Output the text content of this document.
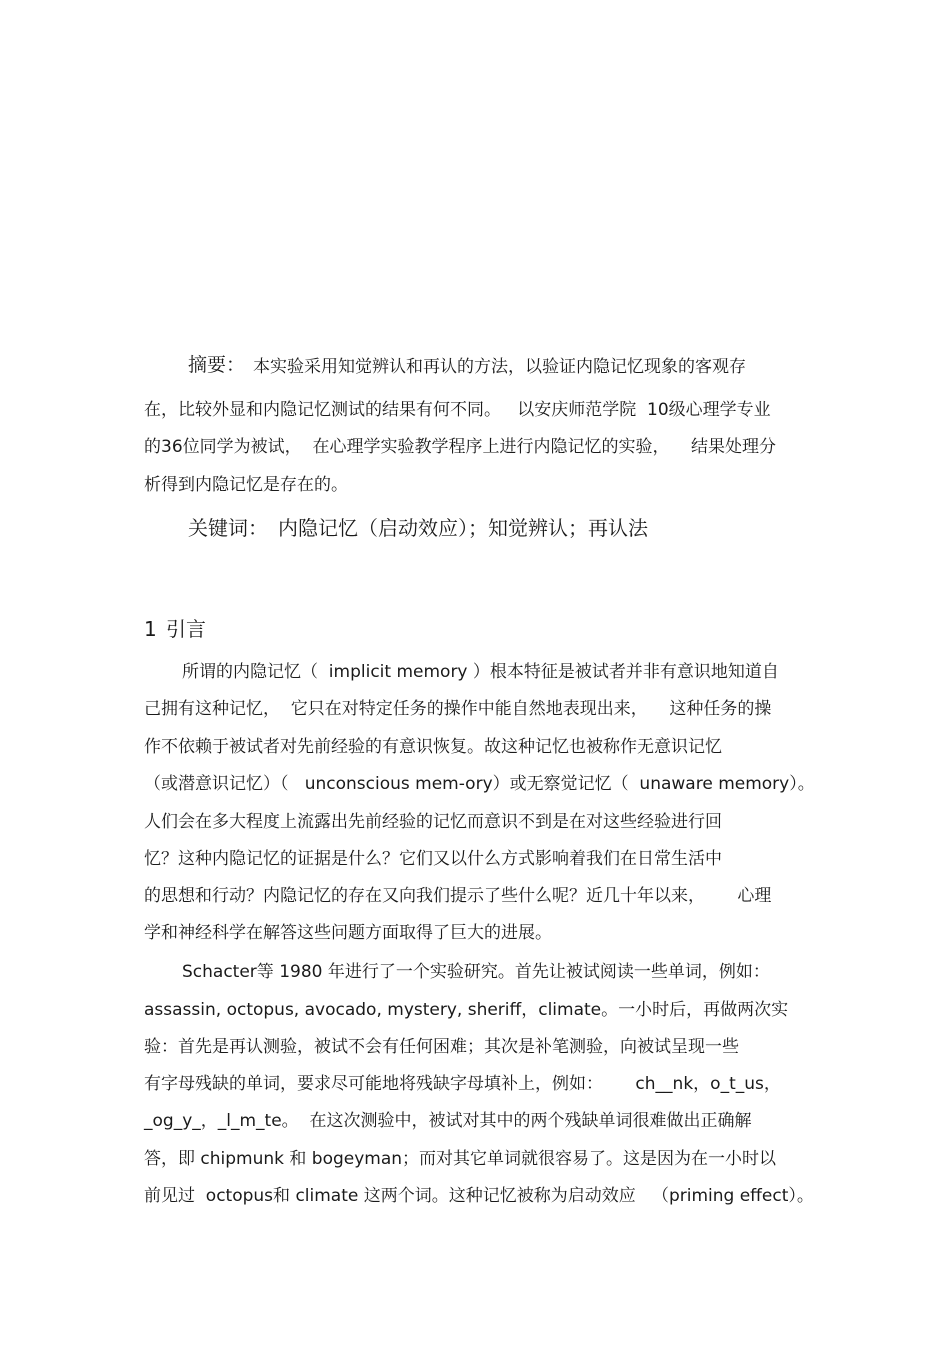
摘要： 本实验采用知觉辨认和再认的方法，以验证内隐记忆现象的客观存
在，比较外显和内隐记忆测试的结果有何不同。   以安庆师范学院  10级心理学专业
的36位同学为被试，  在心理学实验教学程序上进行内隐记忆的实验，    结果处理分
析得到内隐记忆是存在的。
关键词： 内隐记忆（启动效应）；知觉辨认；再认法
1 引言
所谓的内隐记忆（  implicit memory ）根本特征是被试者并非有意识地知道自
己拥有这种记忆，  它只在对特定任务的操作中能自然地表现出来，    这种任务的操
作不依赖于被试者对先前经验的有意识恢复。故这种记忆也被称作无意识记忆
（或潜意识记忆）（   unconscious mem-ory）或无察觉记忆（  unaware memory）。
人们会在多大程度上流露出先前经验的记忆而意识不到是在对这些经验进行回
忆？这种内隐记忆的证据是什么？它们又以什么方式影响着我们在日常生活中
的思想和行动？内隐记忆的存在又向我们提示了些什么呢？近几十年以来，      心理
学和神经科学在解答这些问题方面取得了巨大的进展。
Schacter等 1980 年进行了一个实验研究。首先让被试阅读一些单词，例如：
assassin, octopus, avocado, mystery, sheriff，climate。一小时后，再做两次实
验：首先是再认测验，被试不会有任何困难；其次是补笔测验，向被试呈现一些
有字母残缺的单词，要求尽可能地将残缺字母填补上，例如：      ch__nk，o_t_us，
_og_y_，_l_m_te。  在这次测验中，被试对其中的两个残缺单词很难做出正确解
答，即 chipmunk 和 bogeyman；而对其它单词就很容易了。这是因为在一小时以
前见过  octopus和 climate 这两个词。这种记忆被称为启动效应   （priming effect）。
